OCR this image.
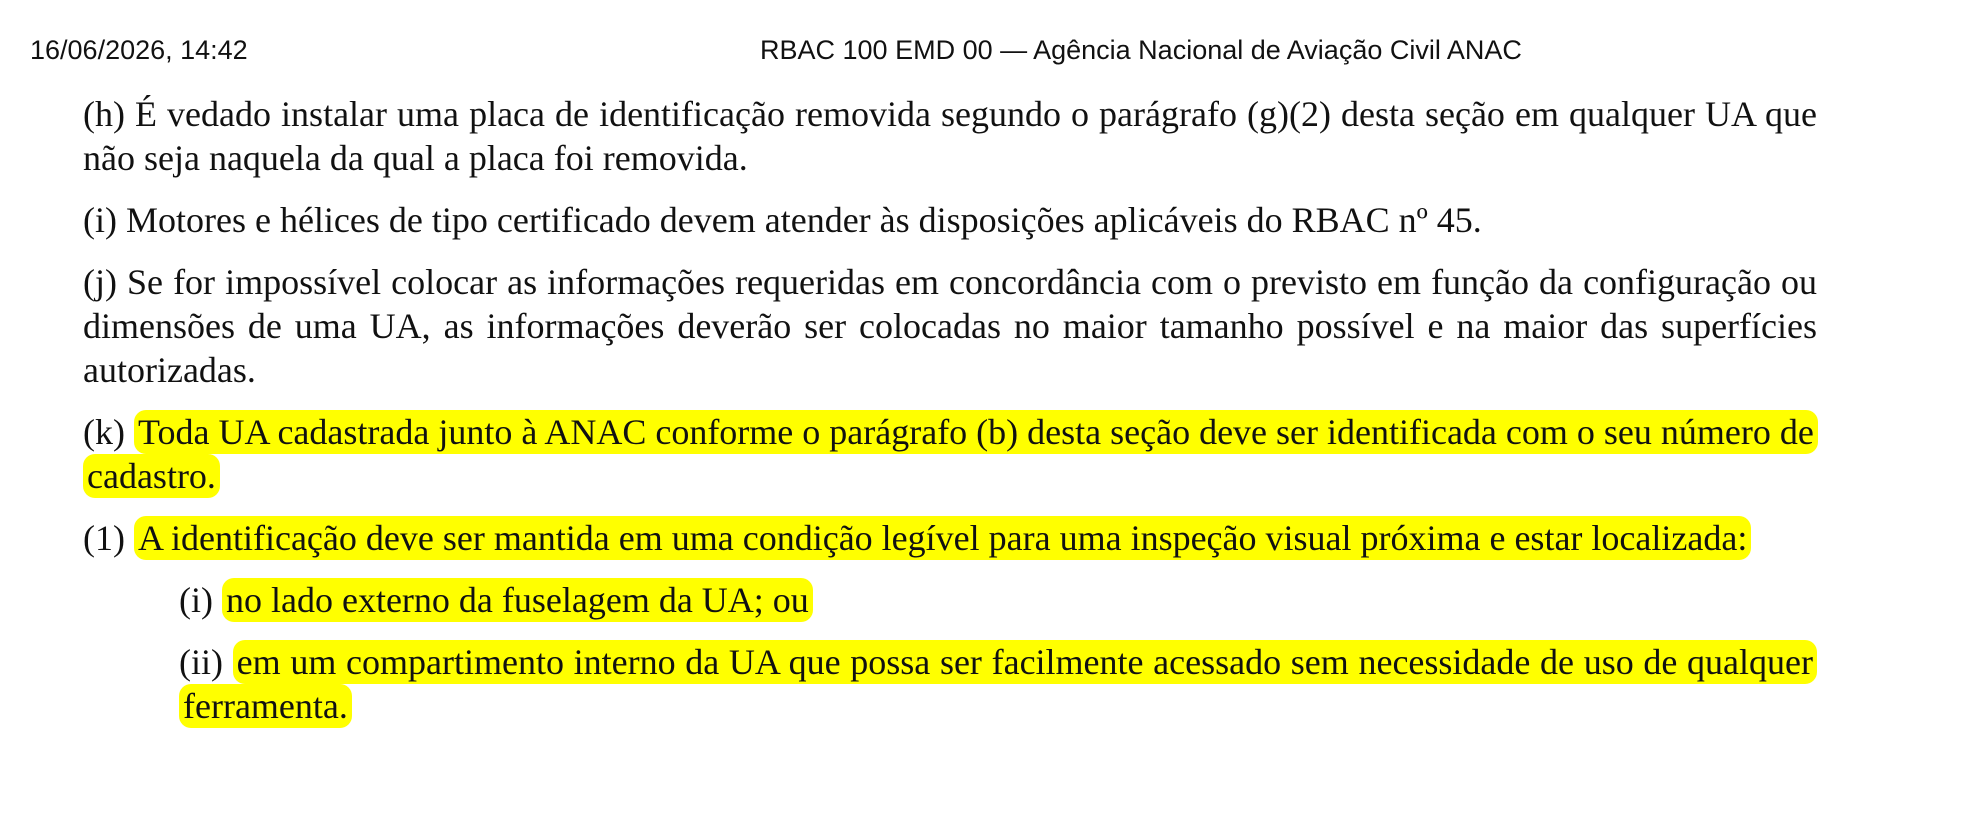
16/06/2026, 14:42	RBAC 100 EMD 00 — Agência Nacional de Aviação Civil ANAC

(h) É vedado instalar uma placa de identificação removida segundo o parágrafo (g)(2) desta seção em qualquer UA que não seja naquela da qual a placa foi removida.

(i) Motores e hélices de tipo certificado devem atender às disposições aplicáveis do RBAC nº 45.

(j) Se for impossível colocar as informações requeridas em concordância com o previsto em função da configuração ou dimensões de uma UA, as informações deverão ser colocadas no maior tamanho possível e na maior das superfícies autorizadas.

(k) Toda UA cadastrada junto à ANAC conforme o parágrafo (b) desta seção deve ser identificada com o seu número de cadastro.

(1) A identificação deve ser mantida em uma condição legível para uma inspeção visual próxima e estar localizada:

(i) no lado externo da fuselagem da UA; ou

(ii) em um compartimento interno da UA que possa ser facilmente acessado sem necessidade de uso de qualquer ferramenta.
